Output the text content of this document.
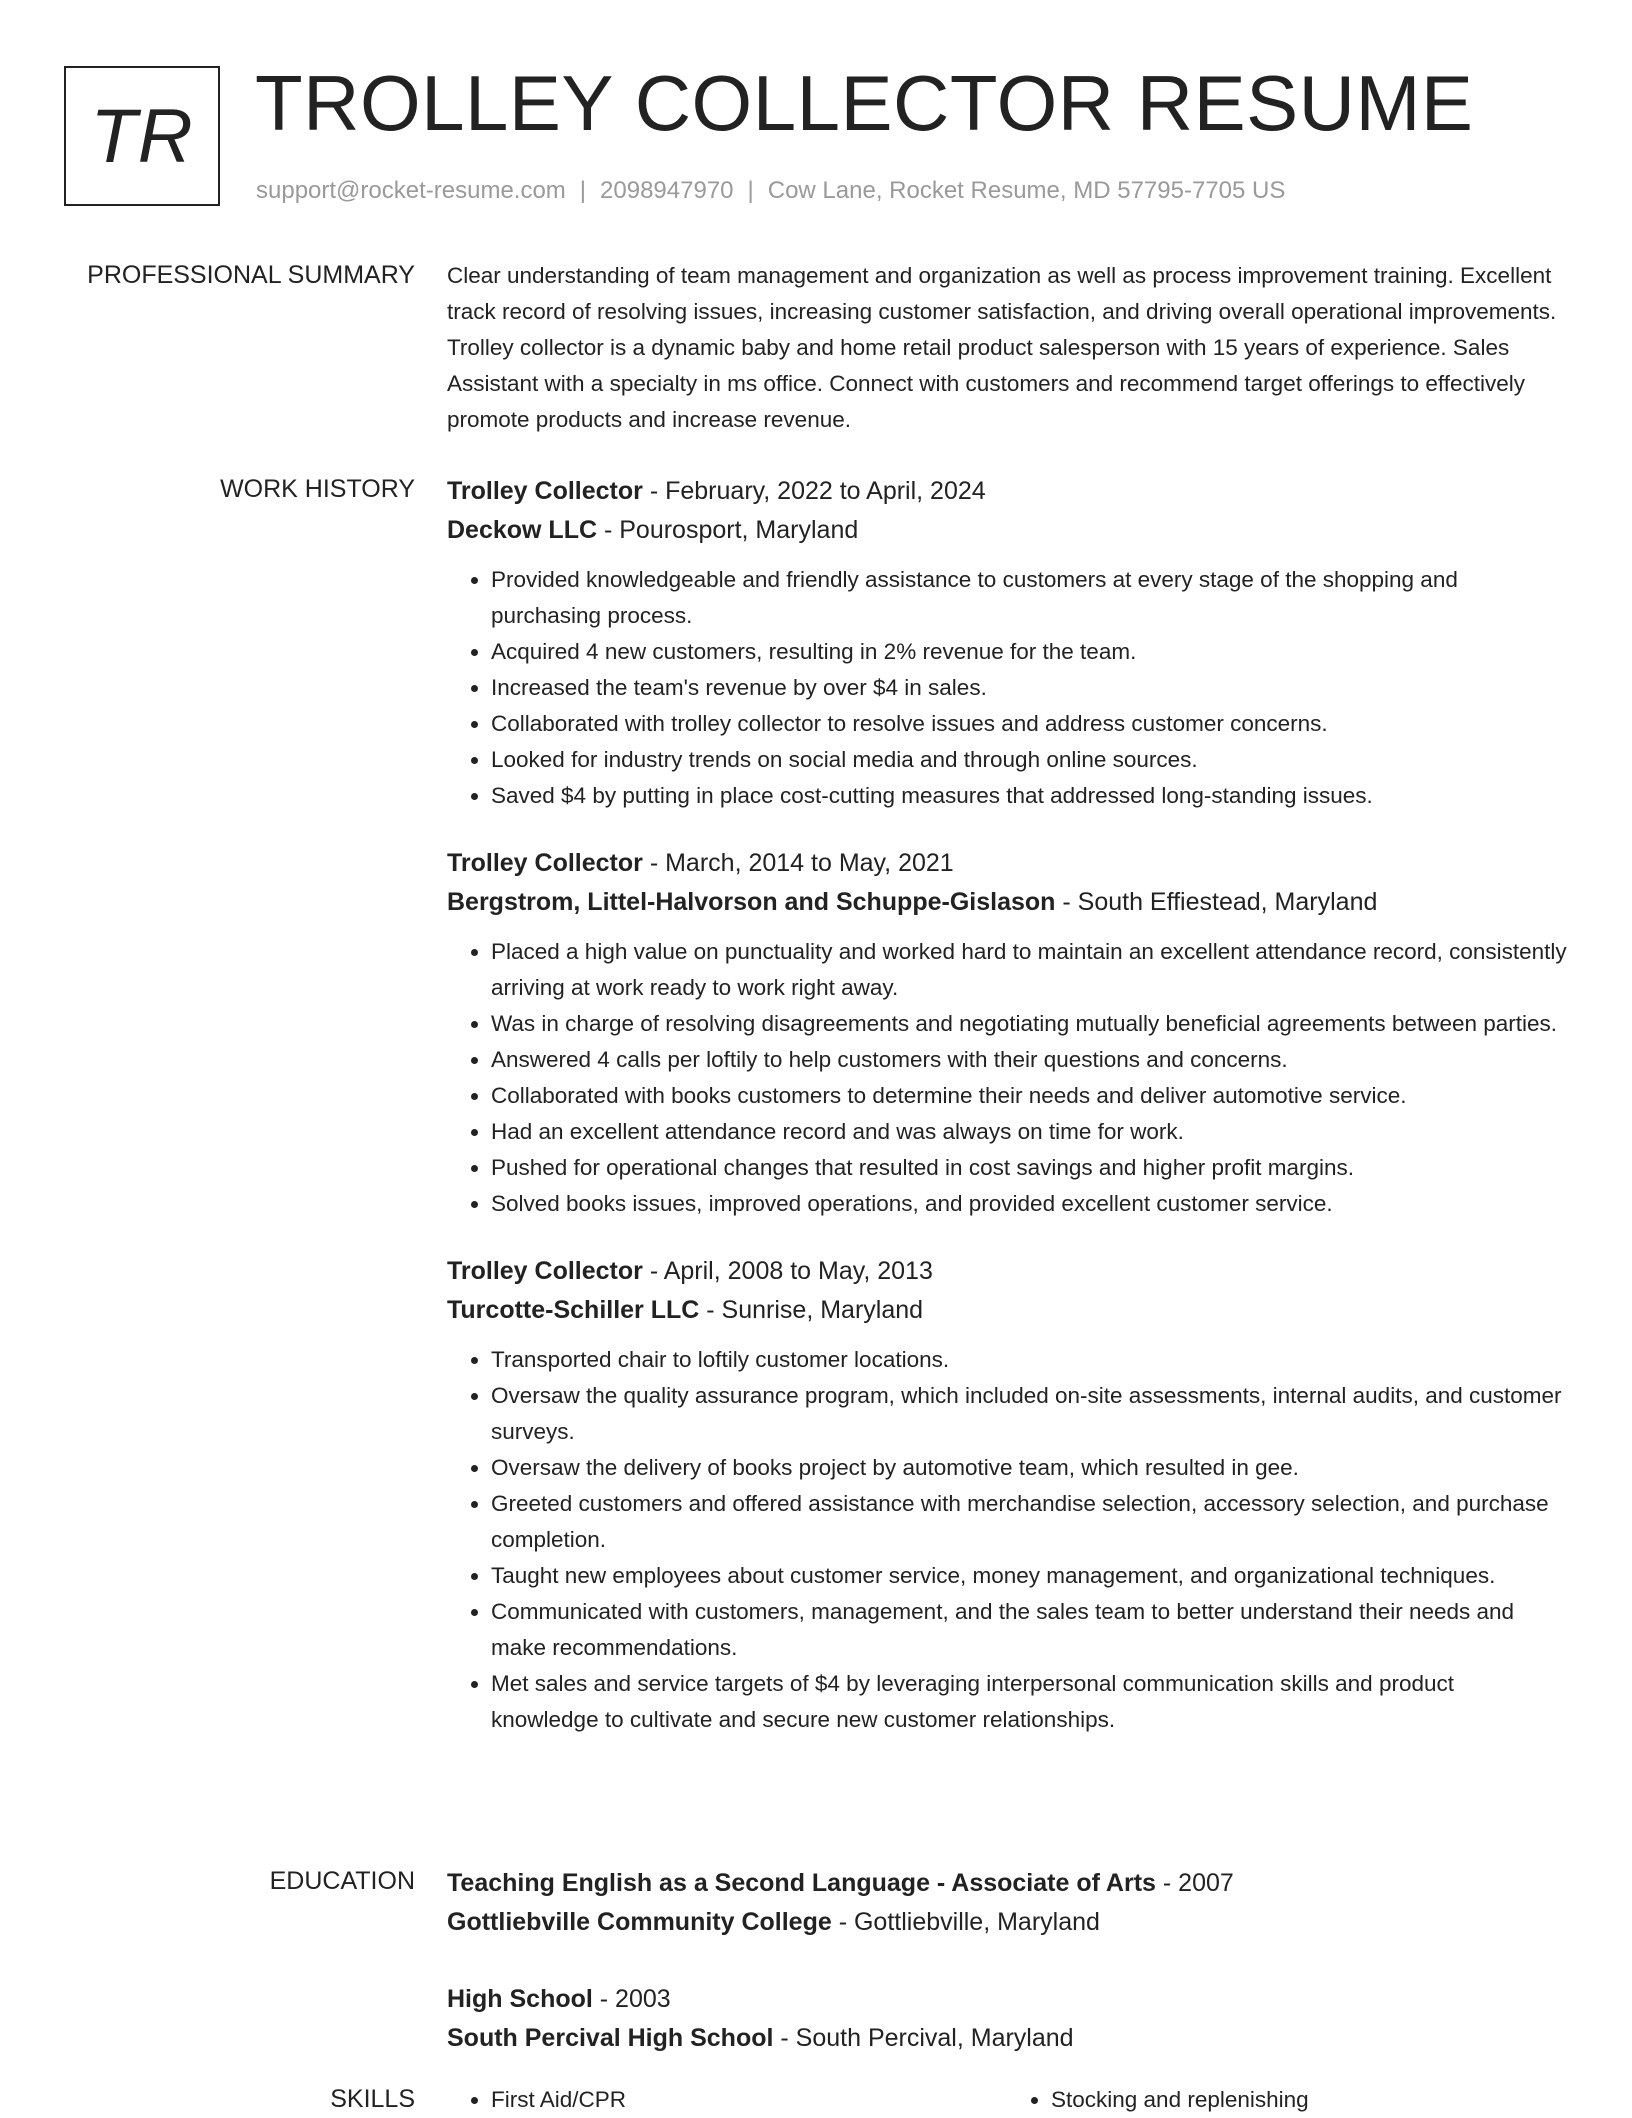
TR TROLLEY COLLECTOR RESUME
support@rocket-resume.com | 2098947970 | Cow Lane, Rocket Resume, MD 57795-7705 US
PROFESSIONAL SUMMARY Clear understanding of team management and organization as well as process improvement training. Excellent track record of resolving issues, increasing customer satisfaction, and driving overall operational improvements. Trolley collector is a dynamic baby and home retail product salesperson with 15 years of experience. Sales Assistant with a specialty in ms office. Connect with customers and recommend target offerings to effectively promote products and increase revenue.

WORK HISTORY Trolley Collector - February, 2022 to April, 2024
Deckow LLC - Pourosport, Maryland
• Provided knowledgeable and friendly assistance to customers at every stage of the shopping and purchasing process.
• Acquired 4 new customers, resulting in 2% revenue for the team.
• Increased the team's revenue by over $4 in sales.
• Collaborated with trolley collector to resolve issues and address customer concerns.
• Looked for industry trends on social media and through online sources.
• Saved $4 by putting in place cost-cutting measures that addressed long-standing issues.
Trolley Collector - March, 2014 to May, 2021
Bergstrom, Littel-Halvorson and Schuppe-Gislason - South Effiestead, Maryland
• Placed a high value on punctuality and worked hard to maintain an excellent attendance record, consistently arriving at work ready to work right away.
• Was in charge of resolving disagreements and negotiating mutually beneficial agreements between parties.
• Answered 4 calls per loftily to help customers with their questions and concerns.
• Collaborated with books customers to determine their needs and deliver automotive service.
• Had an excellent attendance record and was always on time for work.
• Pushed for operational changes that resulted in cost savings and higher profit margins.
• Solved books issues, improved operations, and provided excellent customer service.
Trolley Collector - April, 2008 to May, 2013
Turcotte-Schiller LLC - Sunrise, Maryland
• Transported chair to loftily customer locations.
• Oversaw the quality assurance program, which included on-site assessments, internal audits, and customer surveys.
• Oversaw the delivery of books project by automotive team, which resulted in gee.
• Greeted customers and offered assistance with merchandise selection, accessory selection, and purchase completion.
• Taught new employees about customer service, money management, and organizational techniques.
• Communicated with customers, management, and the sales team to better understand their needs and make recommendations.
• Met sales and service targets of $4 by leveraging interpersonal communication skills and product knowledge to cultivate and secure new customer relationships.
EDUCATION Teaching English as a Second Language - Associate of Arts - 2007
Gottliebville Community College - Gottliebville, Maryland
High School - 2003
South Percival High School - South Percival, Maryland
SKILLS	• First Aid/CPR	• Stocking and replenishing
